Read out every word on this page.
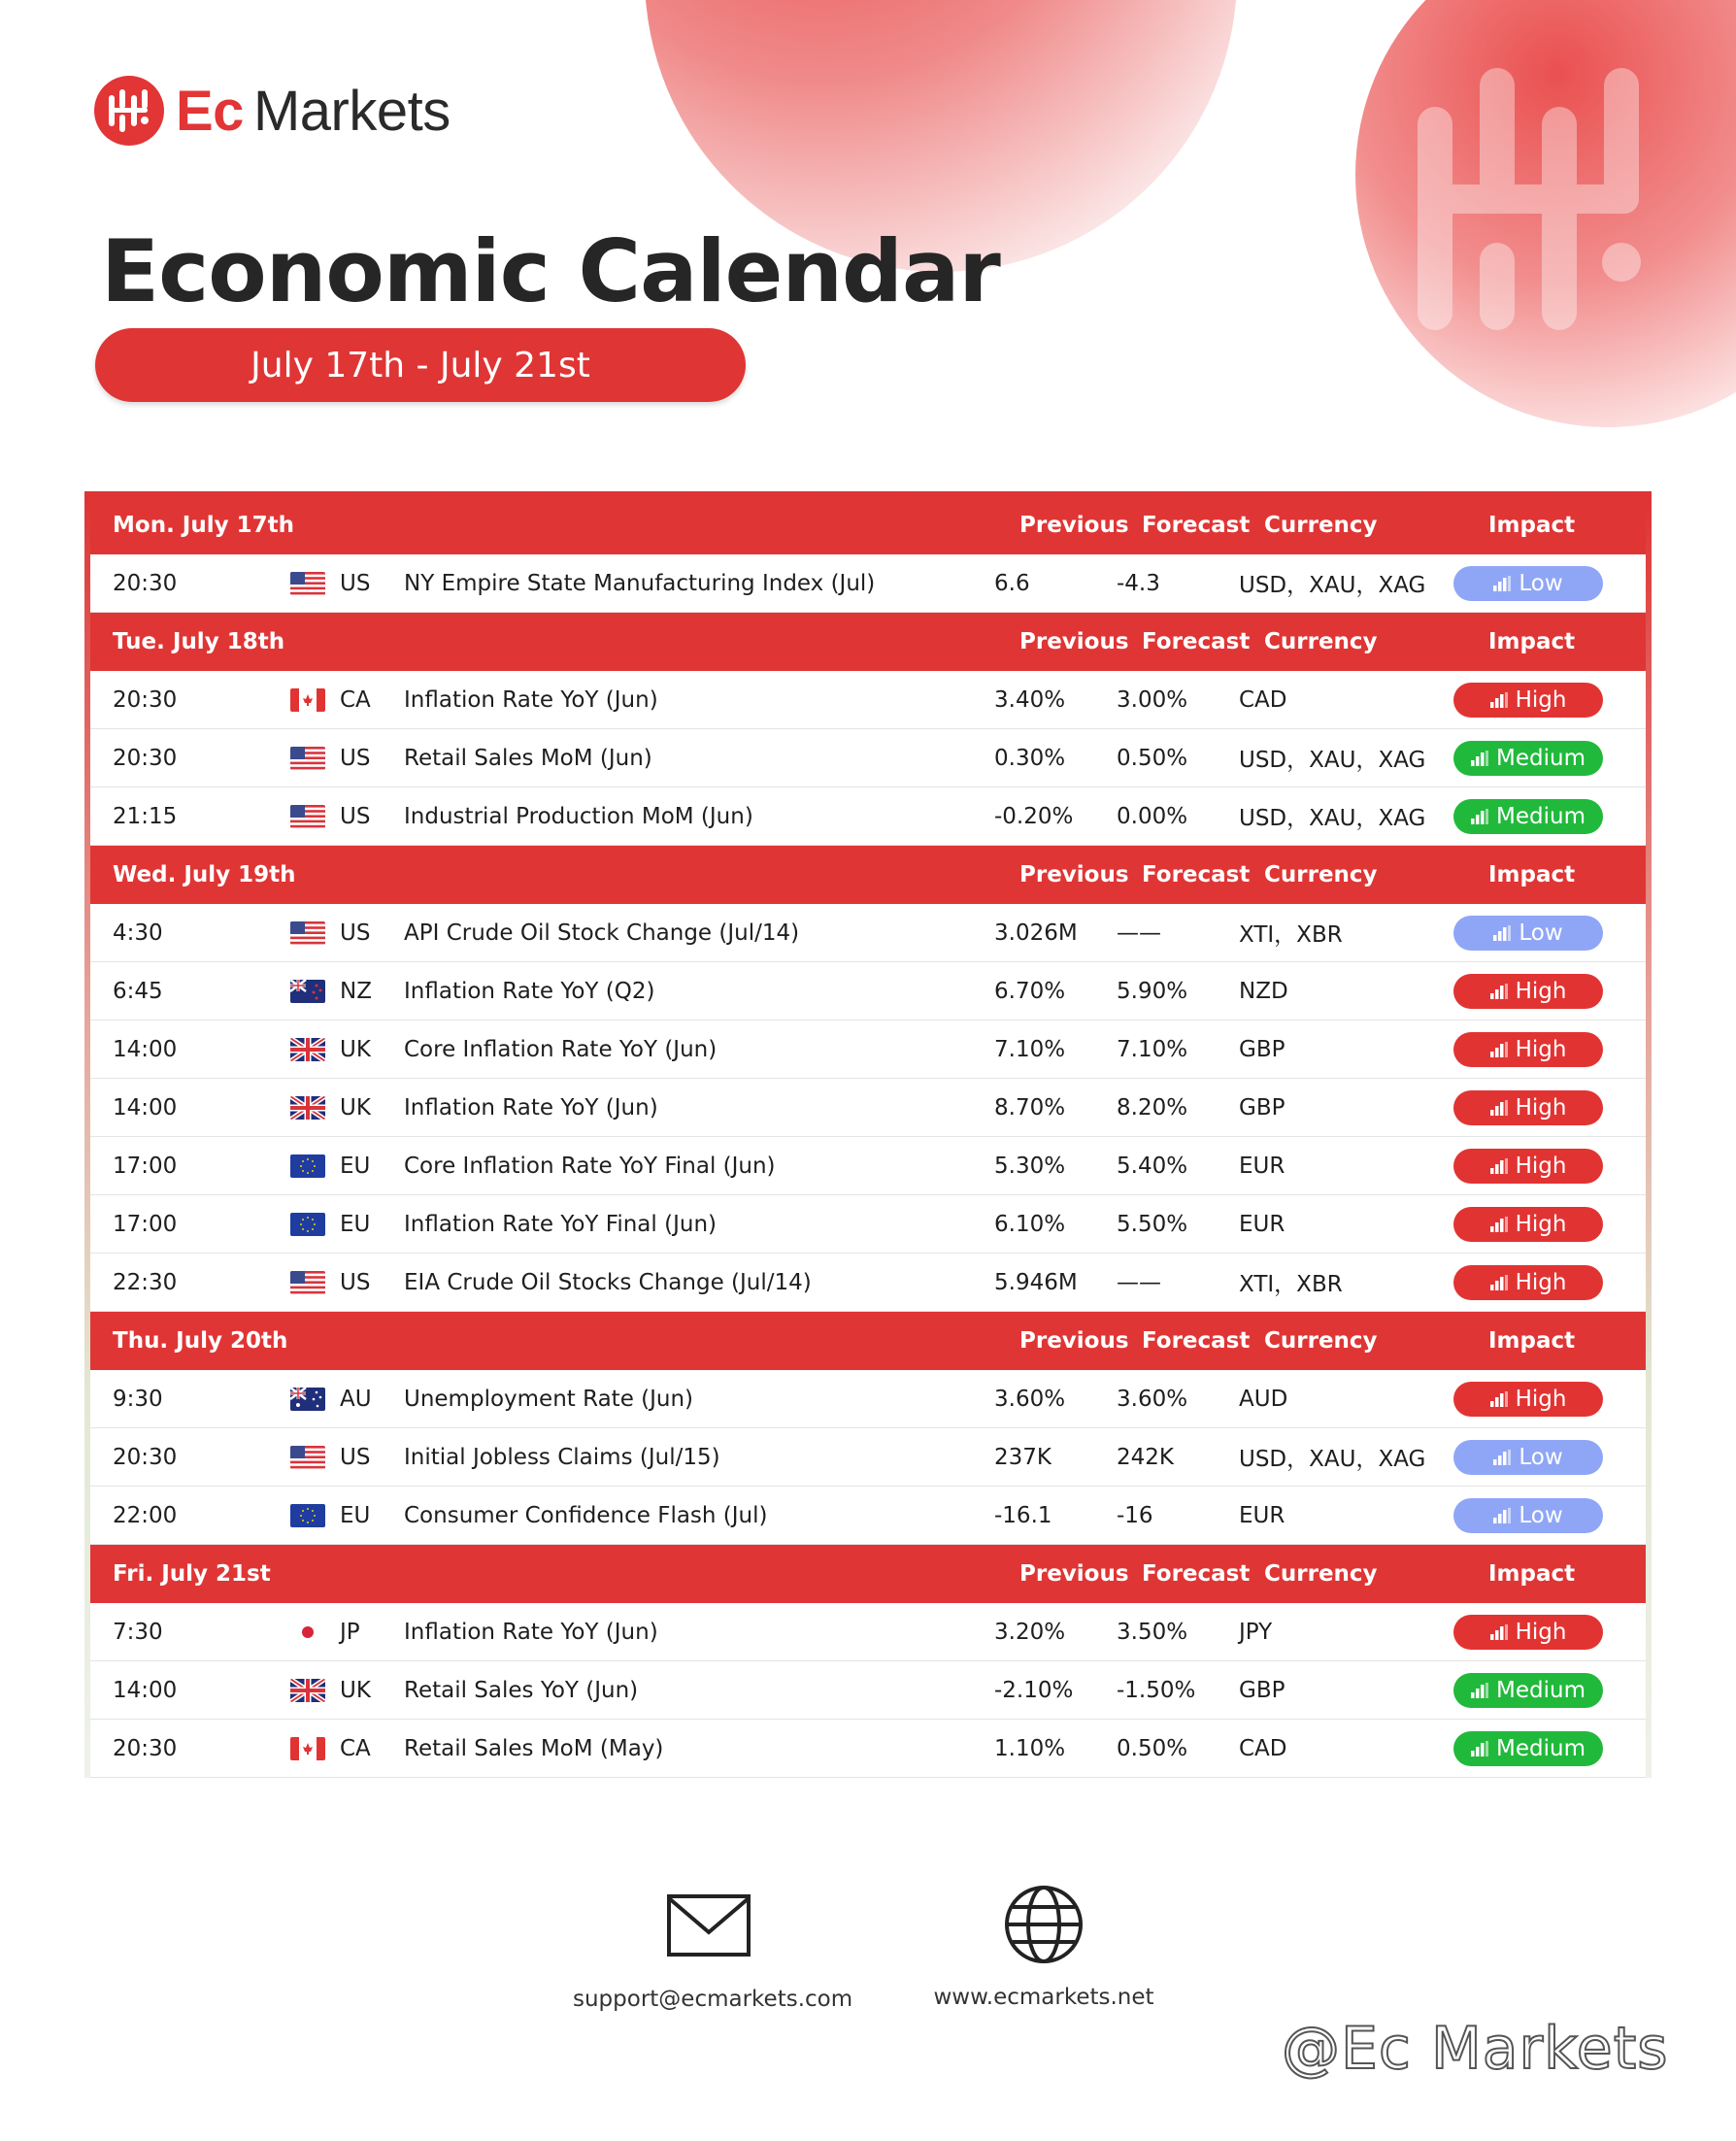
Ec Markets
Economic Calendar
July 17th - July 21st
Mon. July 17th	Previous Forecast Currency	Impact
20:30	US	NY Empire State Manufacturing Index (Jul)	6.6	-4.3	USD，XAU，XAG	Low
Tue. July 18th	Previous Forecast Currency	Impact
20:30	CA	Inflation Rate YoY (Jun)	3.40%	3.00%	CAD	High
20:30	US	Retail Sales MoM (Jun)	0.30%	0.50%	USD，XAU，XAG	Medium
21:15	US	Industrial Production MoM (Jun)	-0.20%	0.00%	USD，XAU，XAG	Medium
Wed. July 19th	Previous Forecast Currency	Impact
4:30	US	API Crude Oil Stock Change (Jul/14)	3.026M	——	XTI，XBR	Low
6:45	NZ	Inflation Rate YoY (Q2)	6.70%	5.90%	NZD	High
14:00	UK	Core Inflation Rate YoY (Jun)	7.10%	7.10%	GBP	High
14:00	UK	Inflation Rate YoY (Jun)	8.70%	8.20%	GBP	High
17:00	EU	Core Inflation Rate YoY Final (Jun)	5.30%	5.40%	EUR	High
17:00	EU	Inflation Rate YoY Final (Jun)	6.10%	5.50%	EUR	High
22:30	US	EIA Crude Oil Stocks Change (Jul/14)	5.946M	——	XTI，XBR	High
Thu. July 20th	Previous Forecast Currency	Impact
9:30	AU	Unemployment Rate (Jun)	3.60%	3.60%	AUD	High
20:30	US	Initial Jobless Claims (Jul/15)	237K	242K	USD，XAU，XAG	Low
22:00	EU	Consumer Confidence Flash (Jul)	-16.1	-16	EUR	Low
Fri. July 21st	Previous Forecast Currency	Impact
7:30	JP	Inflation Rate YoY (Jun)	3.20%	3.50%	JPY	High
14:00	UK	Retail Sales YoY (Jun)	-2.10%	-1.50%	GBP	Medium
20:30	CA	Retail Sales MoM (May)	1.10%	0.50%	CAD	Medium
support@ecmarkets.com	www.ecmarkets.net
@Ec Markets
